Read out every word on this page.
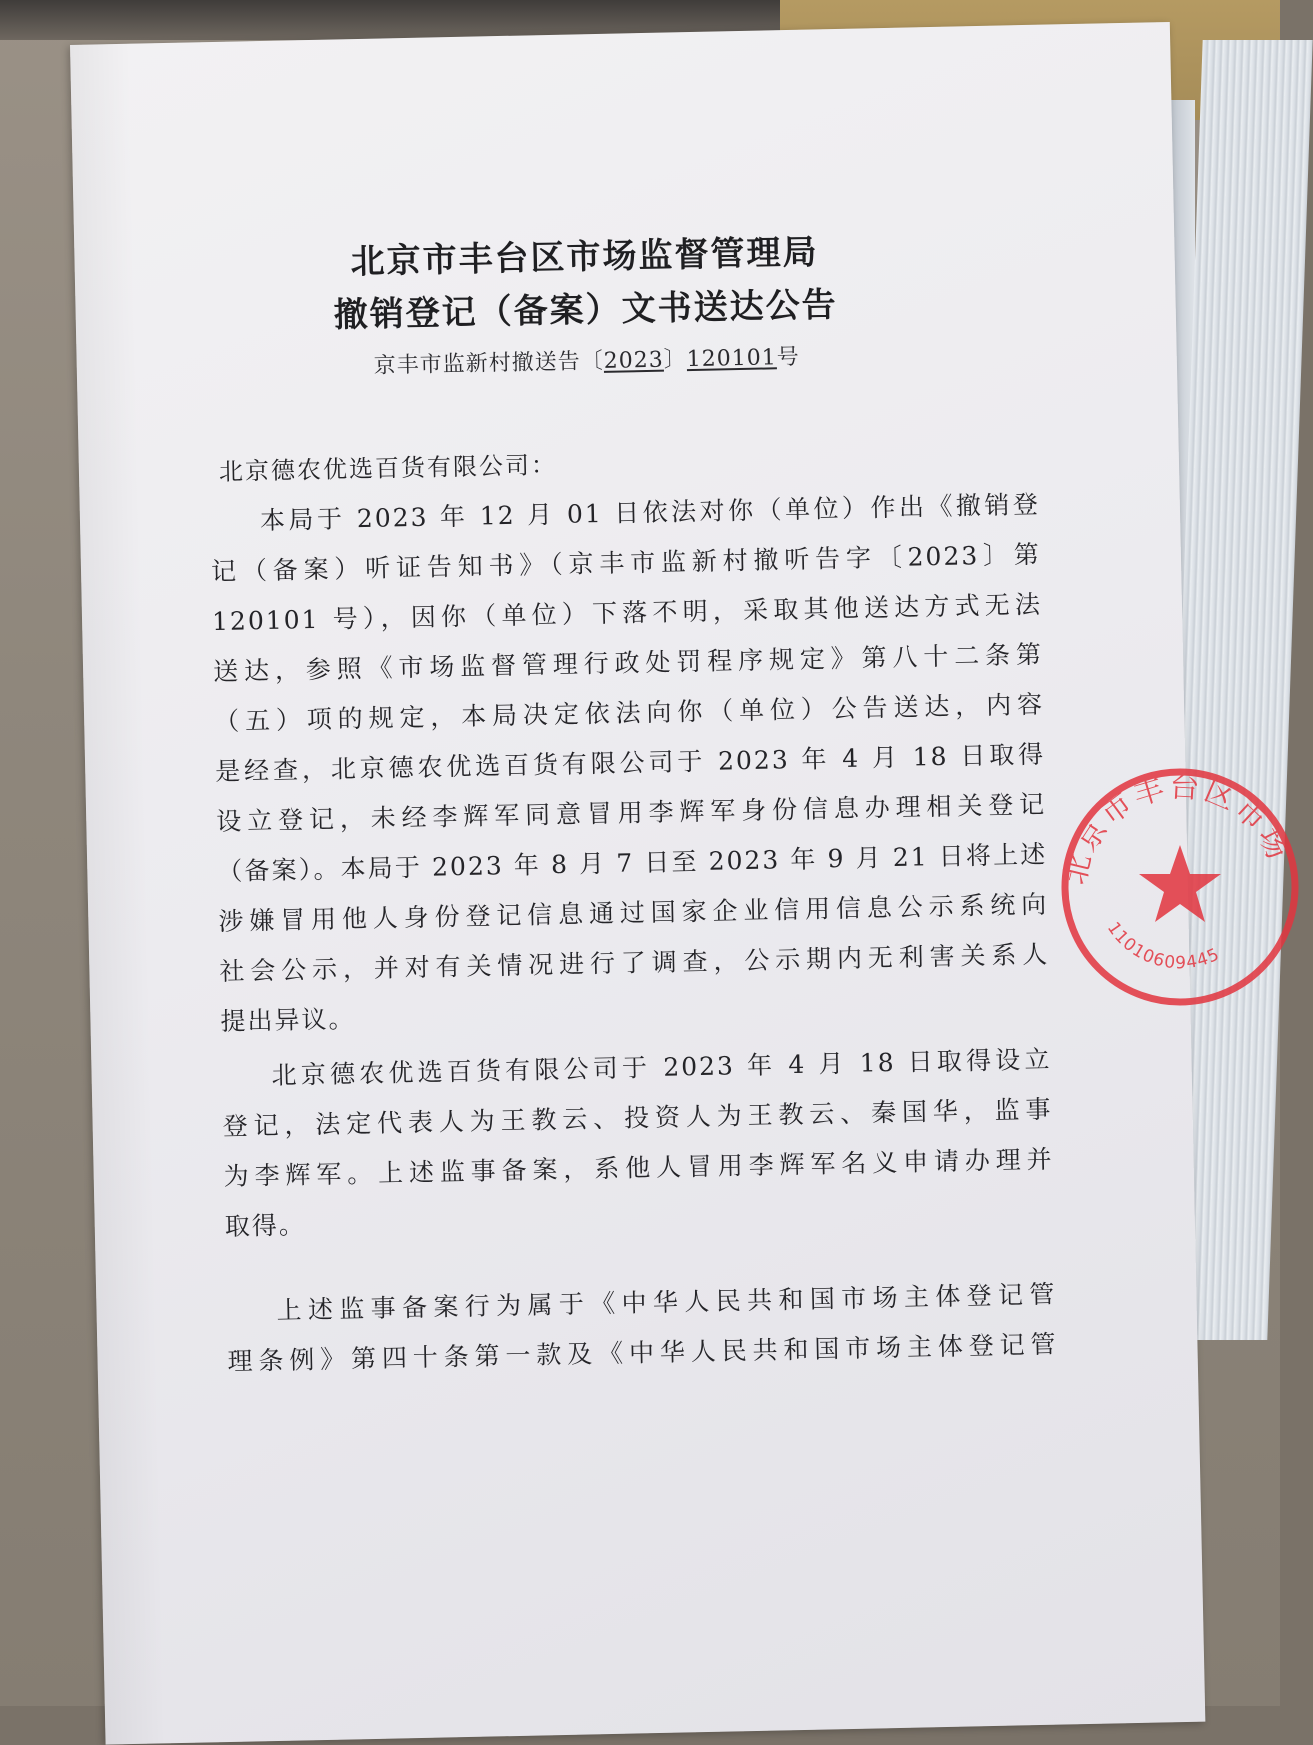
北京市丰台区市场监督管理局
撤销登记（备案）文书送达公告
京丰市监新村撤送告〔2023〕120101号
北京德农优选百货有限公司：
本局于 2023 年 12 月 01 日依法对你（单位）作出《撤销登
记（备案）听证告知书》（京丰市监新村撤听告字〔2023〕第
120101 号），因你（单位）下落不明，采取其他送达方式无法
送达，参照《市场监督管理行政处罚程序规定》第八十二条第
（五）项的规定，本局决定依法向你（单位）公告送达，内容
是经查，北京德农优选百货有限公司于 2023 年 4 月 18 日取得
设立登记，未经李辉军同意冒用李辉军身份信息办理相关登记
（备案）。本局于 2023 年 8 月 7 日至 2023 年 9 月 21 日将上述
涉嫌冒用他人身份登记信息通过国家企业信用信息公示系统向
社会公示，并对有关情况进行了调查，公示期内无利害关系人
提出异议。
北京德农优选百货有限公司于 2023 年 4 月 18 日取得设立
登记，法定代表人为王教云、投资人为王教云、秦国华，监事
为李辉军。上述监事备案，系他人冒用李辉军名义申请办理并
取得。
上述监事备案行为属于《中华人民共和国市场主体登记管
理条例》第四十条第一款及《中华人民共和国市场主体登记管
北京市丰台区市场
11010609445
